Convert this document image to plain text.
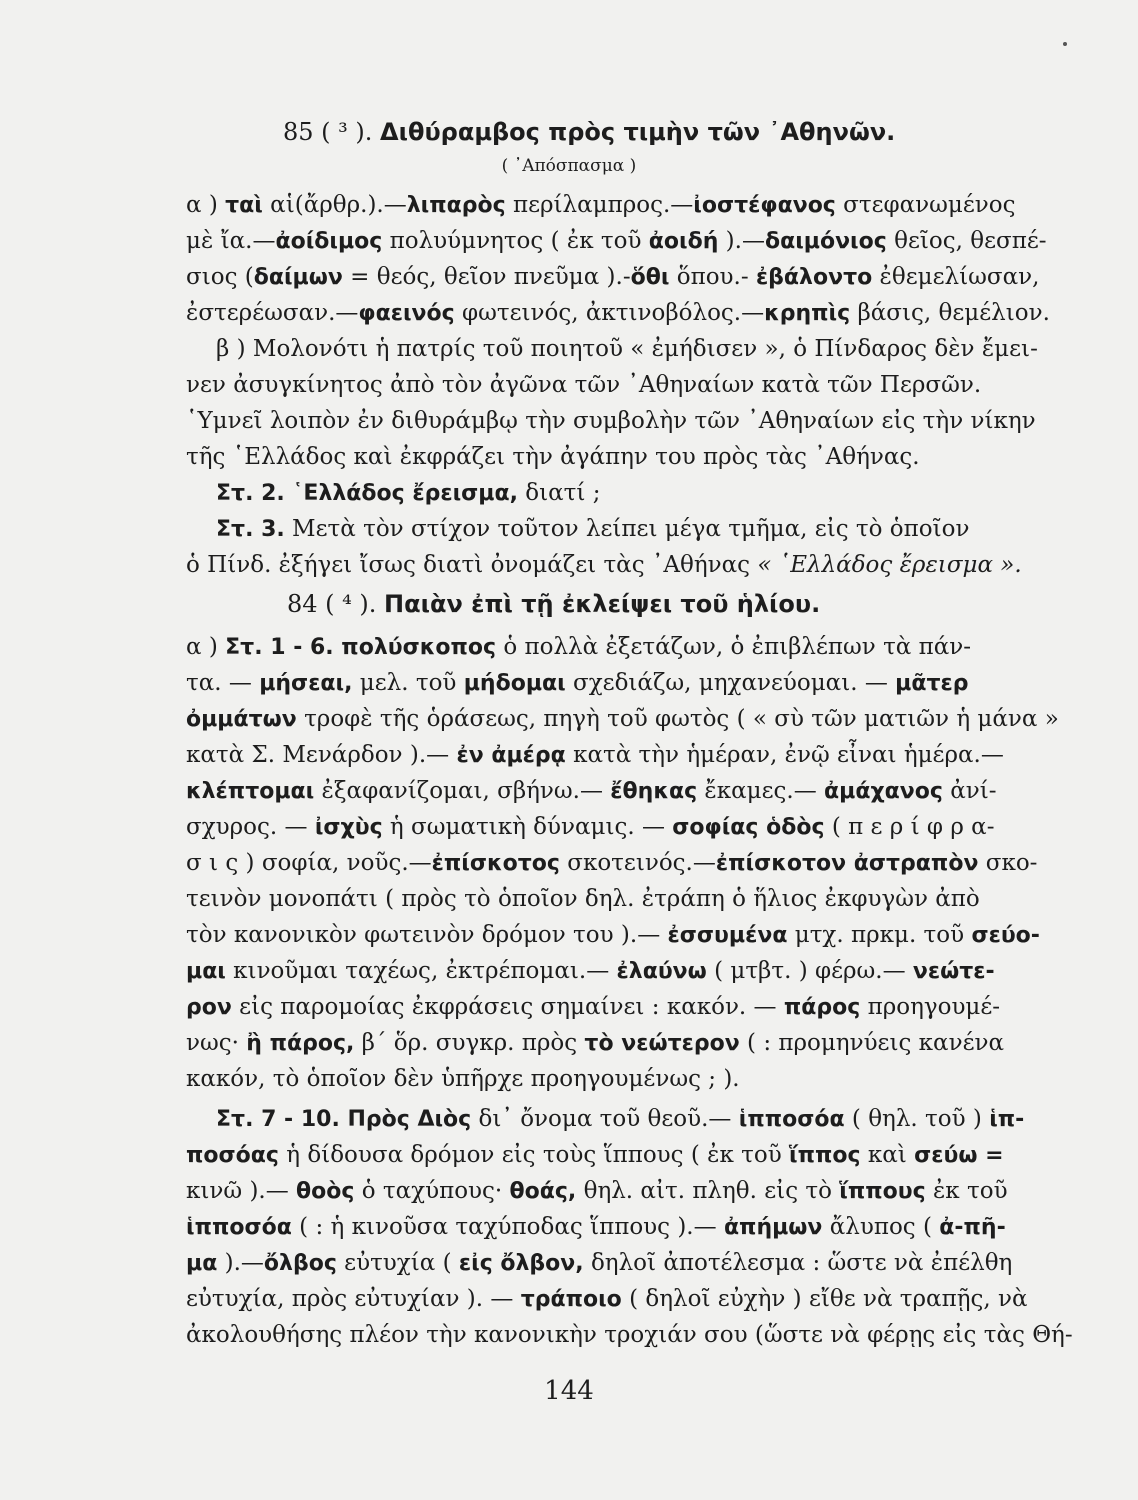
85 ( ³ ). Διθύραμβος πρὸς τιμὴν τῶν ᾿Αθηνῶν.
( ᾿Απόσπασμα )
α ) ταὶ αἱ(ἄρθρ.).—λιπαρὸς περίλαμπρος.—ἰοστέφανος στεφανωμένος
μὲ ἴα.—ἀοίδιμος πολυύμνητος ( ἐκ τοῦ ἀοιδή ).—δαιμόνιος θεῖος, θεσπέ-
σιος (δαίμων = θεός, θεῖον πνεῦμα ).-ὅθι ὅπου.- ἐβάλοντο ἐθεμελίωσαν,
ἐστερέωσαν.—φαεινός φωτεινός, ἀκτινοβόλος.—κρηπὶς βάσις, θεμέλιον.
β ) Μολονότι ἡ πατρίς τοῦ ποιητοῦ « ἐμήδισεν », ὁ Πίνδαρος δὲν ἔμει-
νεν ἀσυγκίνητος ἀπὸ τὸν ἀγῶνα τῶν ᾿Αθηναίων κατὰ τῶν Περσῶν.
῾Υμνεῖ λοιπὸν ἐν διθυράμβῳ τὴν συμβολὴν τῶν ᾿Αθηναίων εἰς τὴν νίκην
τῆς ῾Ελλάδος καὶ ἐκφράζει τὴν ἀγάπην του πρὸς τὰς ᾿Αθήνας.
Στ. 2. ῾Ελλάδος ἔρεισμα, διατί ;
Στ. 3. Μετὰ τὸν στίχον τοῦτον λείπει μέγα τμῆμα, εἰς τὸ ὁποῖον
ὁ Πίνδ. ἐξήγει ἴσως διατὶ ὀνομάζει τὰς ᾿Αθήνας « ῾Ελλάδος ἔρεισμα ».
84 ( ⁴ ). Παιὰν ἐπὶ τῇ ἐκλείψει τοῦ ἡλίου.
α ) Στ. 1 - 6. πολύσκοπος ὁ πολλὰ ἐξετάζων, ὁ ἐπιβλέπων τὰ πάν-
τα. — μήσεαι, μελ. τοῦ μήδομαι σχεδιάζω, μηχανεύομαι. — μᾶτερ
ὀμμάτων τροφὲ τῆς ὁράσεως, πηγὴ τοῦ φωτὸς ( « σὺ τῶν ματιῶν ἡ μάνα »
κατὰ Σ. Μενάρδον ).— ἐν ἀμέρᾳ κατὰ τὴν ἡμέραν, ἐνῷ εἶναι ἡμέρα.—
κλέπτομαι ἐξαφανίζομαι, σβήνω.— ἔθηκας ἔκαμες.— ἀμάχανος ἀνί-
σχυρος. — ἰσχὺς ἡ σωματικὴ δύναμις. — σοφίας ὁδὸς ( π ε ρ ί φ ρ α-
σ ι ς ) σοφία, νοῦς.—ἐπίσκοτος σκοτεινός.—ἐπίσκοτον ἀστραπὸν σκο-
τεινὸν μονοπάτι ( πρὸς τὸ ὁποῖον δηλ. ἐτράπη ὁ ἥλιος ἐκφυγὼν ἀπὸ
τὸν κανονικὸν φωτεινὸν δρόμον του ).— ἐσσυμένα μτχ. πρκμ. τοῦ σεύο-
μαι κινοῦμαι ταχέως, ἐκτρέπομαι.— ἐλαύνω ( μτβτ. ) φέρω.— νεώτε-
ρον εἰς παρομοίας ἐκφράσεις σημαίνει : κακόν. — πάρος προηγουμέ-
νως· ἢ πάρος, β΄ ὅρ. συγκρ. πρὸς τὸ νεώτερον ( : προμηνύεις κανένα
κακόν, τὸ ὁποῖον δὲν ὑπῆρχε προηγουμένως ; ).
Στ. 7 - 10. Πρὸς Διὸς δι᾿ ὄνομα τοῦ θεοῦ.— ἱπποσόα ( θηλ. τοῦ ) ἱπ-
ποσόας ἡ δίδουσα δρόμον εἰς τοὺς ἵππους ( ἐκ τοῦ ἵππος καὶ σεύω =
κινῶ ).— θοὸς ὁ ταχύπους· θοάς, θηλ. αἰτ. πληθ. εἰς τὸ ἵππους ἐκ τοῦ
ἱπποσόα ( : ἡ κινοῦσα ταχύποδας ἵππους ).— ἀπήμων ἄλυπος ( ἀ-πῆ-
μα ).—ὄλβος εὐτυχία ( εἰς ὄλβον, δηλοῖ ἀποτέλεσμα : ὥστε νὰ ἐπέλθη
εὐτυχία, πρὸς εὐτυχίαν ). — τράποιο ( δηλοῖ εὐχὴν ) εἴθε νὰ τραπῇς, νὰ
ἀκολουθήσης πλέον τὴν κανονικὴν τροχιάν σου (ὥστε νὰ φέρῃς εἰς τὰς Θή-
144
